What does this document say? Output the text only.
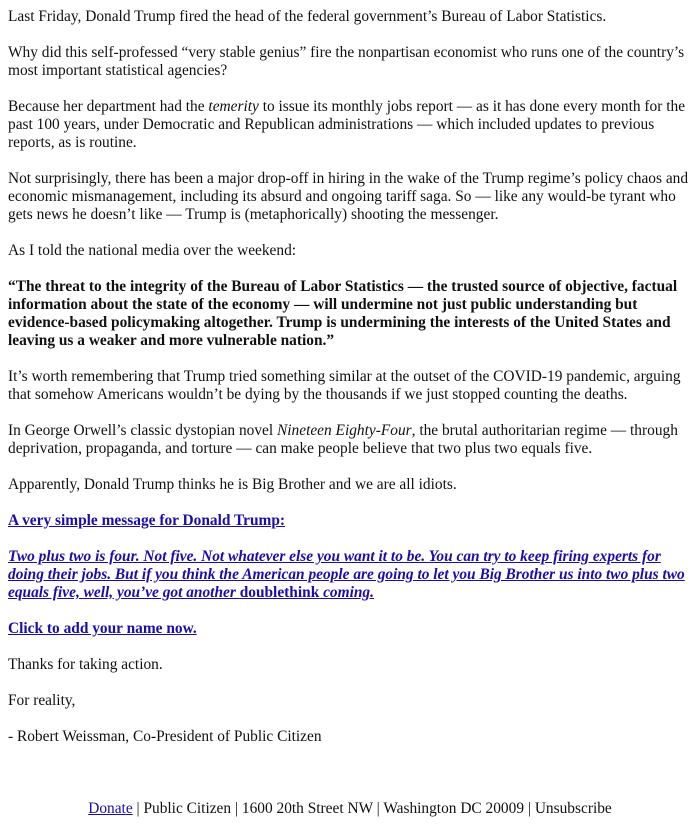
Last Friday, Donald Trump fired the head of the federal government’s Bureau of Labor Statistics.

Why did this self-professed “very stable genius” fire the nonpartisan economist who runs one of the country’s most important statistical agencies?

Because her department had the temerity to issue its monthly jobs report — as it has done every month for the past 100 years, under Democratic and Republican administrations — which included updates to previous reports, as is routine.

Not surprisingly, there has been a major drop-off in hiring in the wake of the Trump regime’s policy chaos and economic mismanagement, including its absurd and ongoing tariff saga. So — like any would-be tyrant who gets news he doesn’t like — Trump is (metaphorically) shooting the messenger.

As I told the national media over the weekend:

“The threat to the integrity of the Bureau of Labor Statistics — the trusted source of objective, factual information about the state of the economy — will undermine not just public understanding but evidence-based policymaking altogether. Trump is undermining the interests of the United States and leaving us a weaker and more vulnerable nation.”

It’s worth remembering that Trump tried something similar at the outset of the COVID-19 pandemic, arguing that somehow Americans wouldn’t be dying by the thousands if we just stopped counting the deaths.

In George Orwell’s classic dystopian novel Nineteen Eighty-Four, the brutal authoritarian regime — through deprivation, propaganda, and torture — can make people believe that two plus two equals five.

Apparently, Donald Trump thinks he is Big Brother and we are all idiots.

A very simple message for Donald Trump:

Two plus two is four. Not five. Not whatever else you want it to be. You can try to keep firing experts for doing their jobs. But if you think the American people are going to let you Big Brother us into two plus two equals five, well, you’ve got another doublethink coming.

Click to add your name now.

Thanks for taking action.

For reality,

- Robert Weissman, Co-President of Public Citizen

Donate | Public Citizen | 1600 20th Street NW | Washington DC 20009 | Unsubscribe
